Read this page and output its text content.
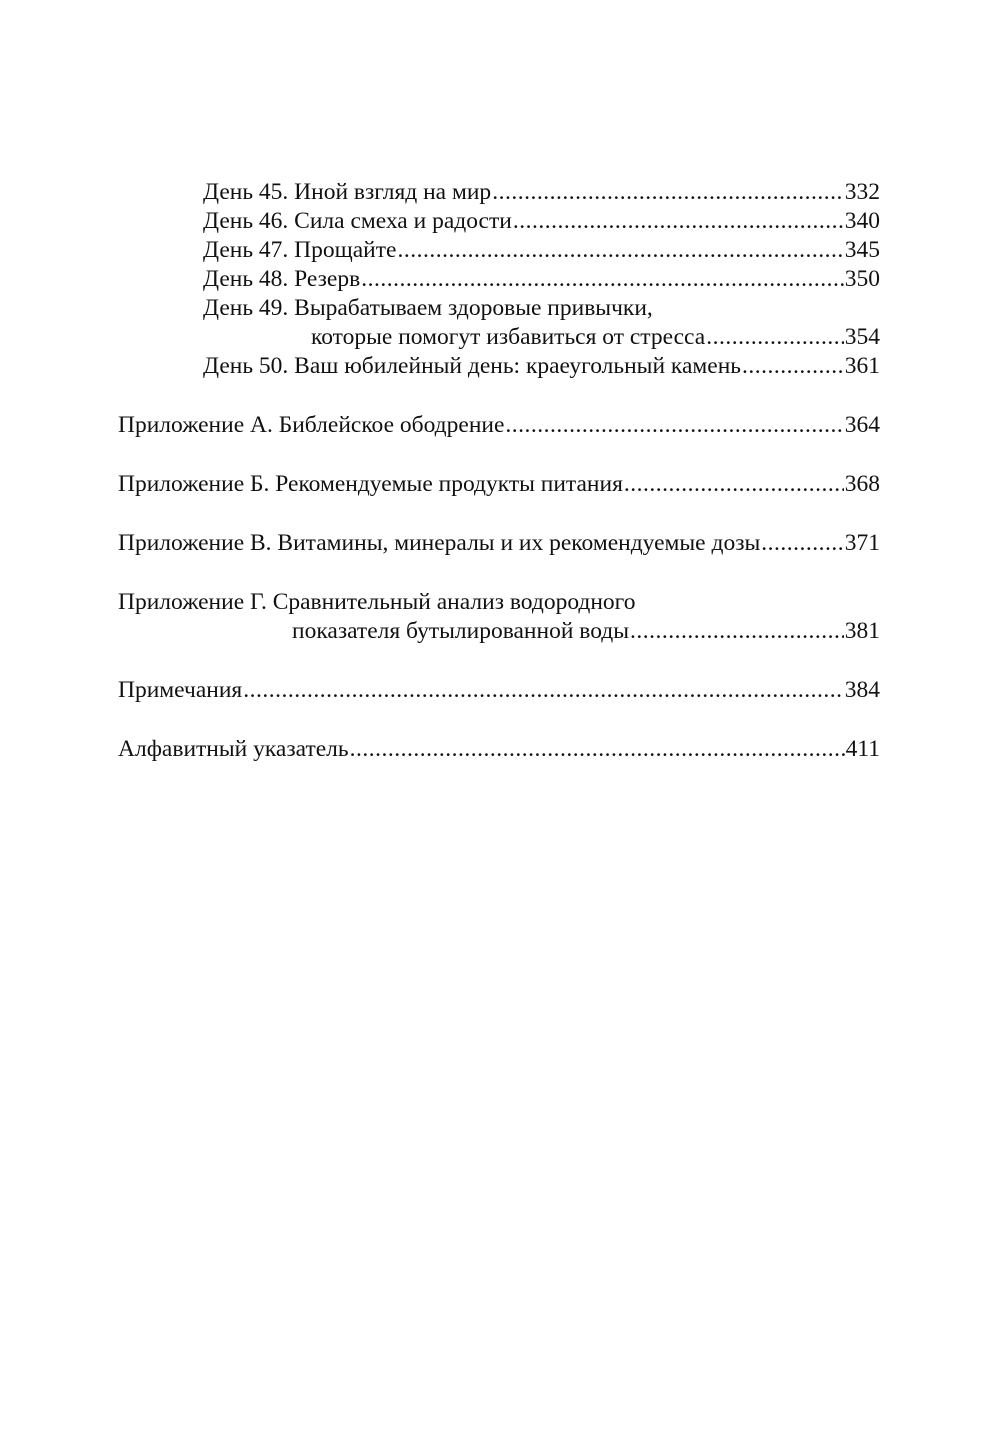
День 45. Иной взгляд на мир .....	332
День 46. Сила смеха и радости .....	340
День 47. Прощайте .....	345
День 48. Резерв .....	350
День 49. Вырабатываем здоровые привычки,
которые помогут избавиться от стресса .....	354
День 50. Ваш юбилейный день: краеугольный камень .....	361
Приложение А. Библейское ободрение .....	364
Приложение Б. Рекомендуемые продукты питания .....	368
Приложение В. Витамины, минералы и их рекомендуемые дозы .....	371
Приложение Г. Сравнительный анализ водородного
показателя бутылированной воды .....	381
Примечания .....	384
Алфавитный указатель .....	411
